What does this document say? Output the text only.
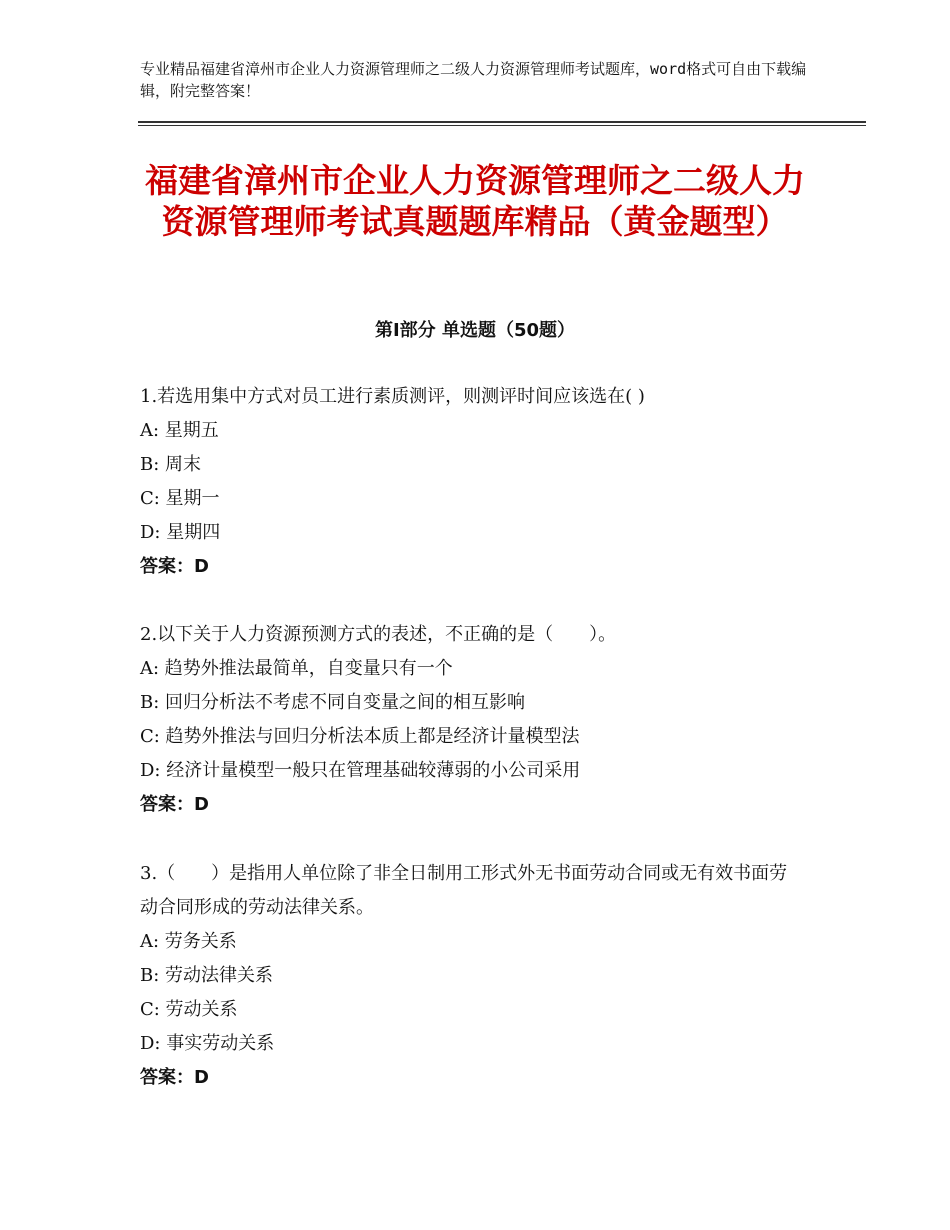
专业精品福建省漳州市企业人力资源管理师之二级人力资源管理师考试题库，word格式可自由下载编辑，附完整答案！
福建省漳州市企业人力资源管理师之二级人力资源管理师考试真题题库精品（黄金题型）
第Ⅰ部分 单选题（50题）
1.若选用集中方式对员工进行素质测评，则测评时间应该选在( )
A: 星期五
B: 周末
C: 星期一
D: 星期四
答案：D
2.以下关于人力资源预测方式的表述，不正确的是（　　）。
A: 趋势外推法最简单，自变量只有一个
B: 回归分析法不考虑不同自变量之间的相互影响
C: 趋势外推法与回归分析法本质上都是经济计量模型法
D: 经济计量模型一般只在管理基础较薄弱的小公司采用
答案：D
3.（　　）是指用人单位除了非全日制用工形式外无书面劳动合同或无有效书面劳动合同形成的劳动法律关系。
A: 劳务关系
B: 劳动法律关系
C: 劳动关系
D: 事实劳动关系
答案：D
